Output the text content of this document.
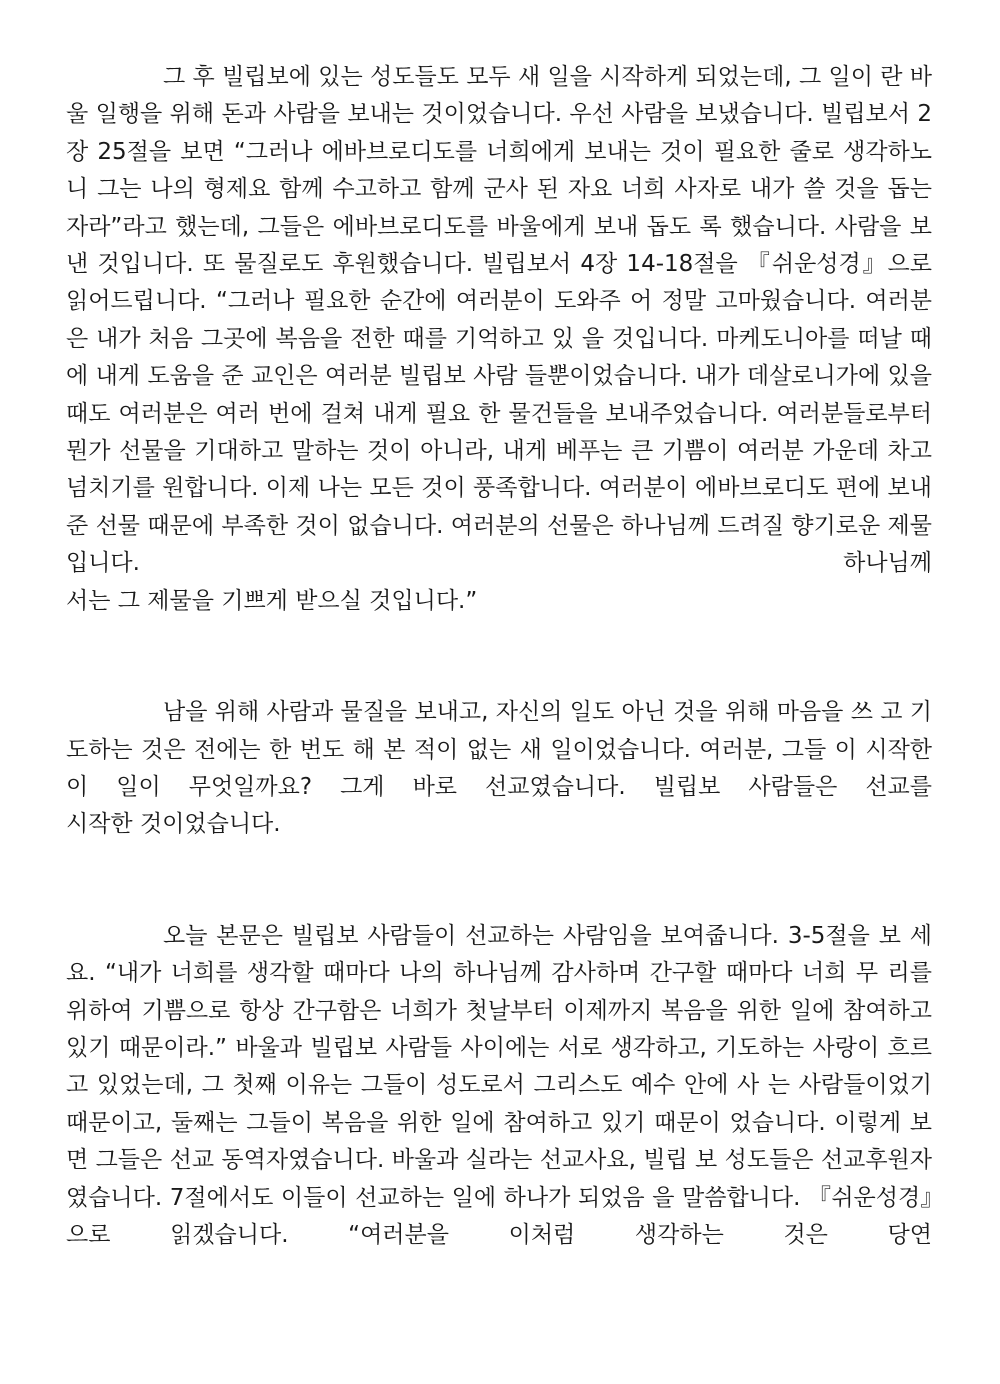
그 후 빌립보에 있는 성도들도 모두 새 일을 시작하게 되었는데, 그 일이 란 바울 일행을 위해 돈과 사람을 보내는 것이었습니다. 우선 사람을 보냈습니다. 빌립보서 2장 25절을 보면 “그러나 에바브로디도를 너희에게 보내는 것이 필요한 줄로 생각하노니 그는 나의 형제요 함께 수고하고 함께 군사 된 자요 너희 사자로 내가 쓸 것을 돕는 자라”라고 했는데, 그들은 에바브로디도를 바울에게 보내 돕도 록 했습니다. 사람을 보낸 것입니다. 또 물질로도 후원했습니다. 빌립보서 4장 14-18절을 『쉬운성경』으로 읽어드립니다. “그러나 필요한 순간에 여러분이 도와주 어 정말 고마웠습니다. 여러분은 내가 처음 그곳에 복음을 전한 때를 기억하고 있 을 것입니다. 마케도니아를 떠날 때에 내게 도움을 준 교인은 여러분 빌립보 사람 들뿐이었습니다. 내가 데살로니가에 있을 때도 여러분은 여러 번에 걸쳐 내게 필요 한 물건들을 보내주었습니다. 여러분들로부터 뭔가 선물을 기대하고 말하는 것이 아니라, 내게 베푸는 큰 기쁨이 여러분 가운데 차고 넘치기를 원합니다. 이제 나는 모든 것이 풍족합니다. 여러분이 에바브로디도 편에 보내 준 선물 때문에 부족한 것이 없습니다. 여러분의 선물은 하나님께 드려질 향기로운 제물입니다. 하나님께
서는 그 제물을 기쁘게 받으실 것입니다.”

남을 위해 사람과 물질을 보내고, 자신의 일도 아닌 것을 위해 마음을 쓰 고 기도하는 것은 전에는 한 번도 해 본 적이 없는 새 일이었습니다. 여러분, 그들 이 시작한 이 일이 무엇일까요? 그게 바로 선교였습니다. 빌립보 사람들은 선교를
시작한 것이었습니다.

오늘 본문은 빌립보 사람들이 선교하는 사람임을 보여줍니다. 3-5절을 보 세요. “내가 너희를 생각할 때마다 나의 하나님께 감사하며 간구할 때마다 너희 무 리를 위하여 기쁨으로 항상 간구함은 너희가 첫날부터 이제까지 복음을 위한 일에 참여하고 있기 때문이라.” 바울과 빌립보 사람들 사이에는 서로 생각하고, 기도하는 사랑이 흐르고 있었는데, 그 첫째 이유는 그들이 성도로서 그리스도 예수 안에 사 는 사람들이었기 때문이고, 둘째는 그들이 복음을 위한 일에 참여하고 있기 때문이 었습니다. 이렇게 보면 그들은 선교 동역자였습니다. 바울과 실라는 선교사요, 빌립 보 성도들은 선교후원자였습니다. 7절에서도 이들이 선교하는 일에 하나가 되었음 을 말씀합니다. 『쉬운성경』으로 읽겠습니다. “여러분을 이처럼 생각하는 것은 당연
